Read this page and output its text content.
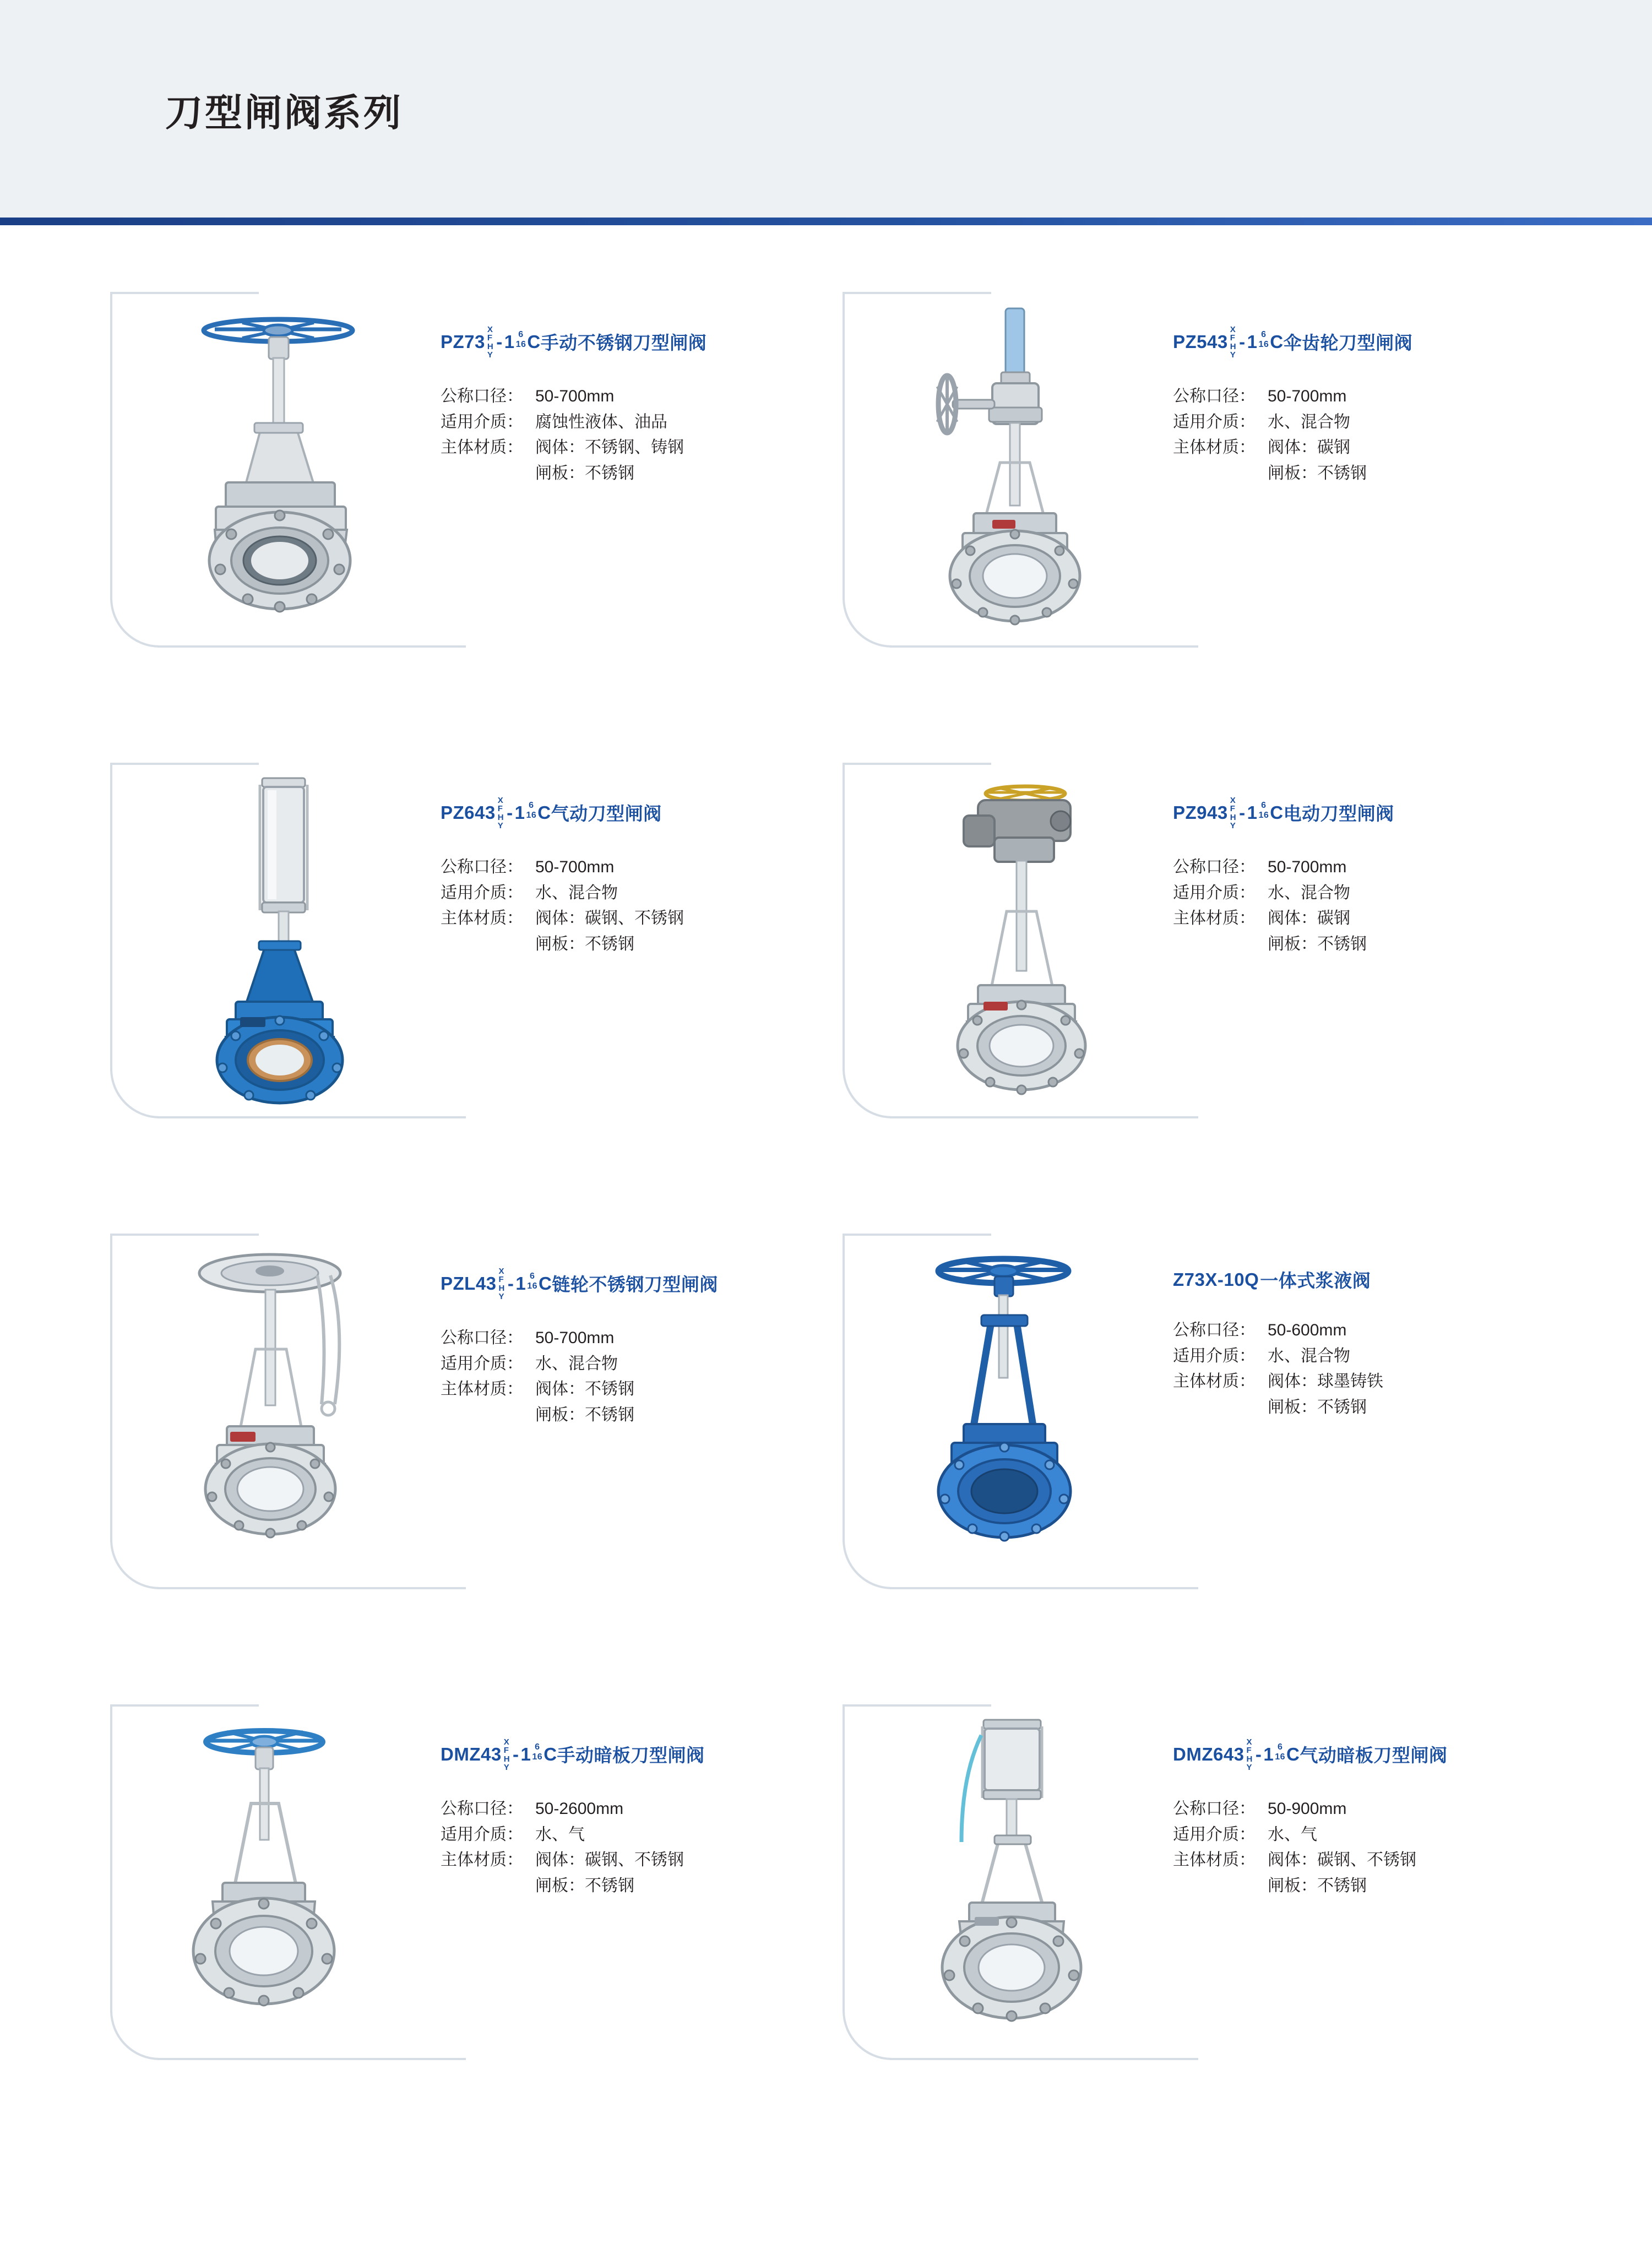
刀型闸阀系列
PZ73
X
F
H
Y
- 1 6
16 C 手动不锈钢刀型闸阀
公称口径： 50-700mm
适用介质： 腐蚀性液体、油品
主体材质： 阀体 ： 不锈钢、铸钢
闸板：不锈钢
PZ543
X
F
H
Y
- 1 6
16 C 伞齿轮刀型闸阀
公称口径： 50-700mm
适用介质： 水、混合物
主体材质： 阀体 ： 碳钢
闸板：不锈钢
PZ643
X
F
H
Y
- 1 6
16 C 气动刀型闸阀
公称口径： 50-700mm
适用介质： 水、混合物
主体材质： 阀体 ： 碳钢、不锈钢
闸板：不锈钢
PZ943
X
F
H
Y
- 1 6
16 C 电动刀型闸阀
公称口径： 50-700mm
适用介质： 水、混合物
主体材质： 阀体 ： 碳钢
闸板：不锈钢
PZL43
X
F
H
Y
- 1 6
16 C 链轮不锈钢刀型闸阀
公称口径： 50-700mm
适用介质： 水、混合物
主体材质： 阀体 ： 不锈钢
闸板：不锈钢
Z73X-10Q 一体式浆液阀
公称口径： 50-600mm
适用介质： 水、混合物
主体材质： 阀体 ： 球墨铸铁
闸板：不锈钢
DMZ43
X
F
H
Y
- 1 6
16 C 手动暗板刀型闸阀
公称口径： 50-2600mm
适用介质： 水、气
主体材质： 阀体 ： 碳钢、不锈钢
闸板：不锈钢
DMZ643
X
F
H
Y
- 1 6
16 C 气动暗板刀型闸阀
公称口径： 50-900mm
适用介质： 水、气
主体材质： 阀体 ： 碳钢、不锈钢
闸板：不锈钢
